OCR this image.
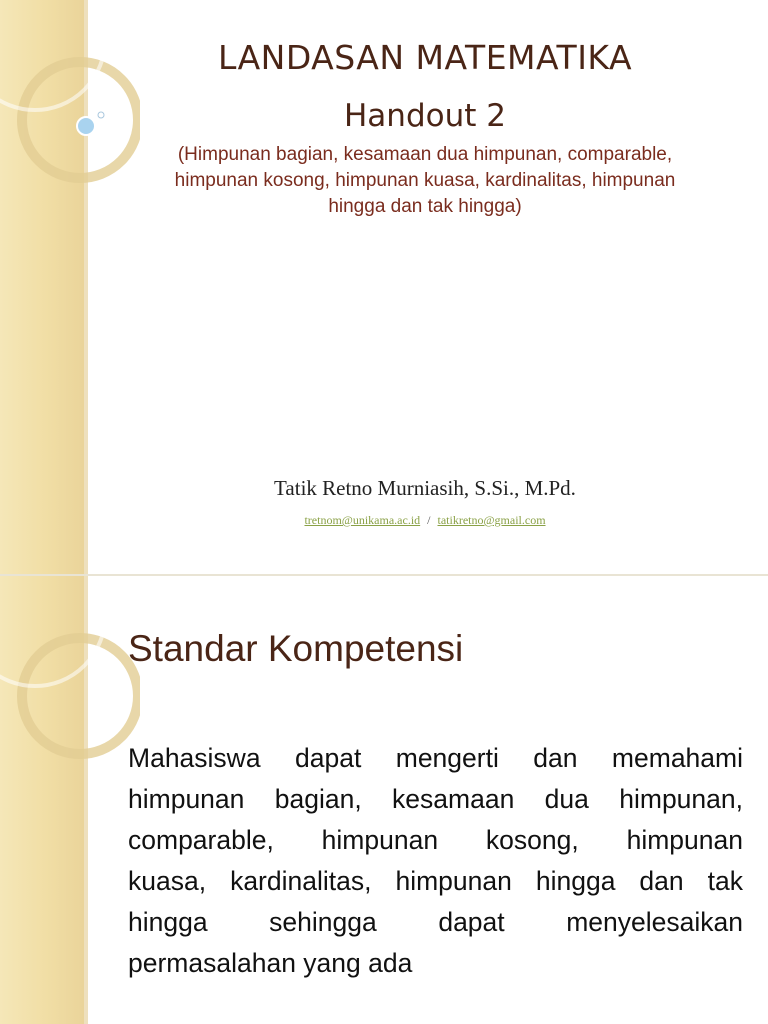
LANDASAN MATEMATIKA
Handout 2
(Himpunan bagian, kesamaan dua himpunan, comparable,
himpunan kosong, himpunan kuasa, kardinalitas, himpunan
hingga dan tak hingga)
Tatik Retno Murniasih, S.Si., M.Pd.
tretnom@unikama.ac.id / tatikretno@gmail.com
Standar Kompetensi
Mahasiswa dapat mengerti dan memahami
himpunan bagian, kesamaan dua himpunan,
comparable, himpunan kosong, himpunan
kuasa, kardinalitas, himpunan hingga dan tak
hingga sehingga dapat menyelesaikan
permasalahan yang ada
